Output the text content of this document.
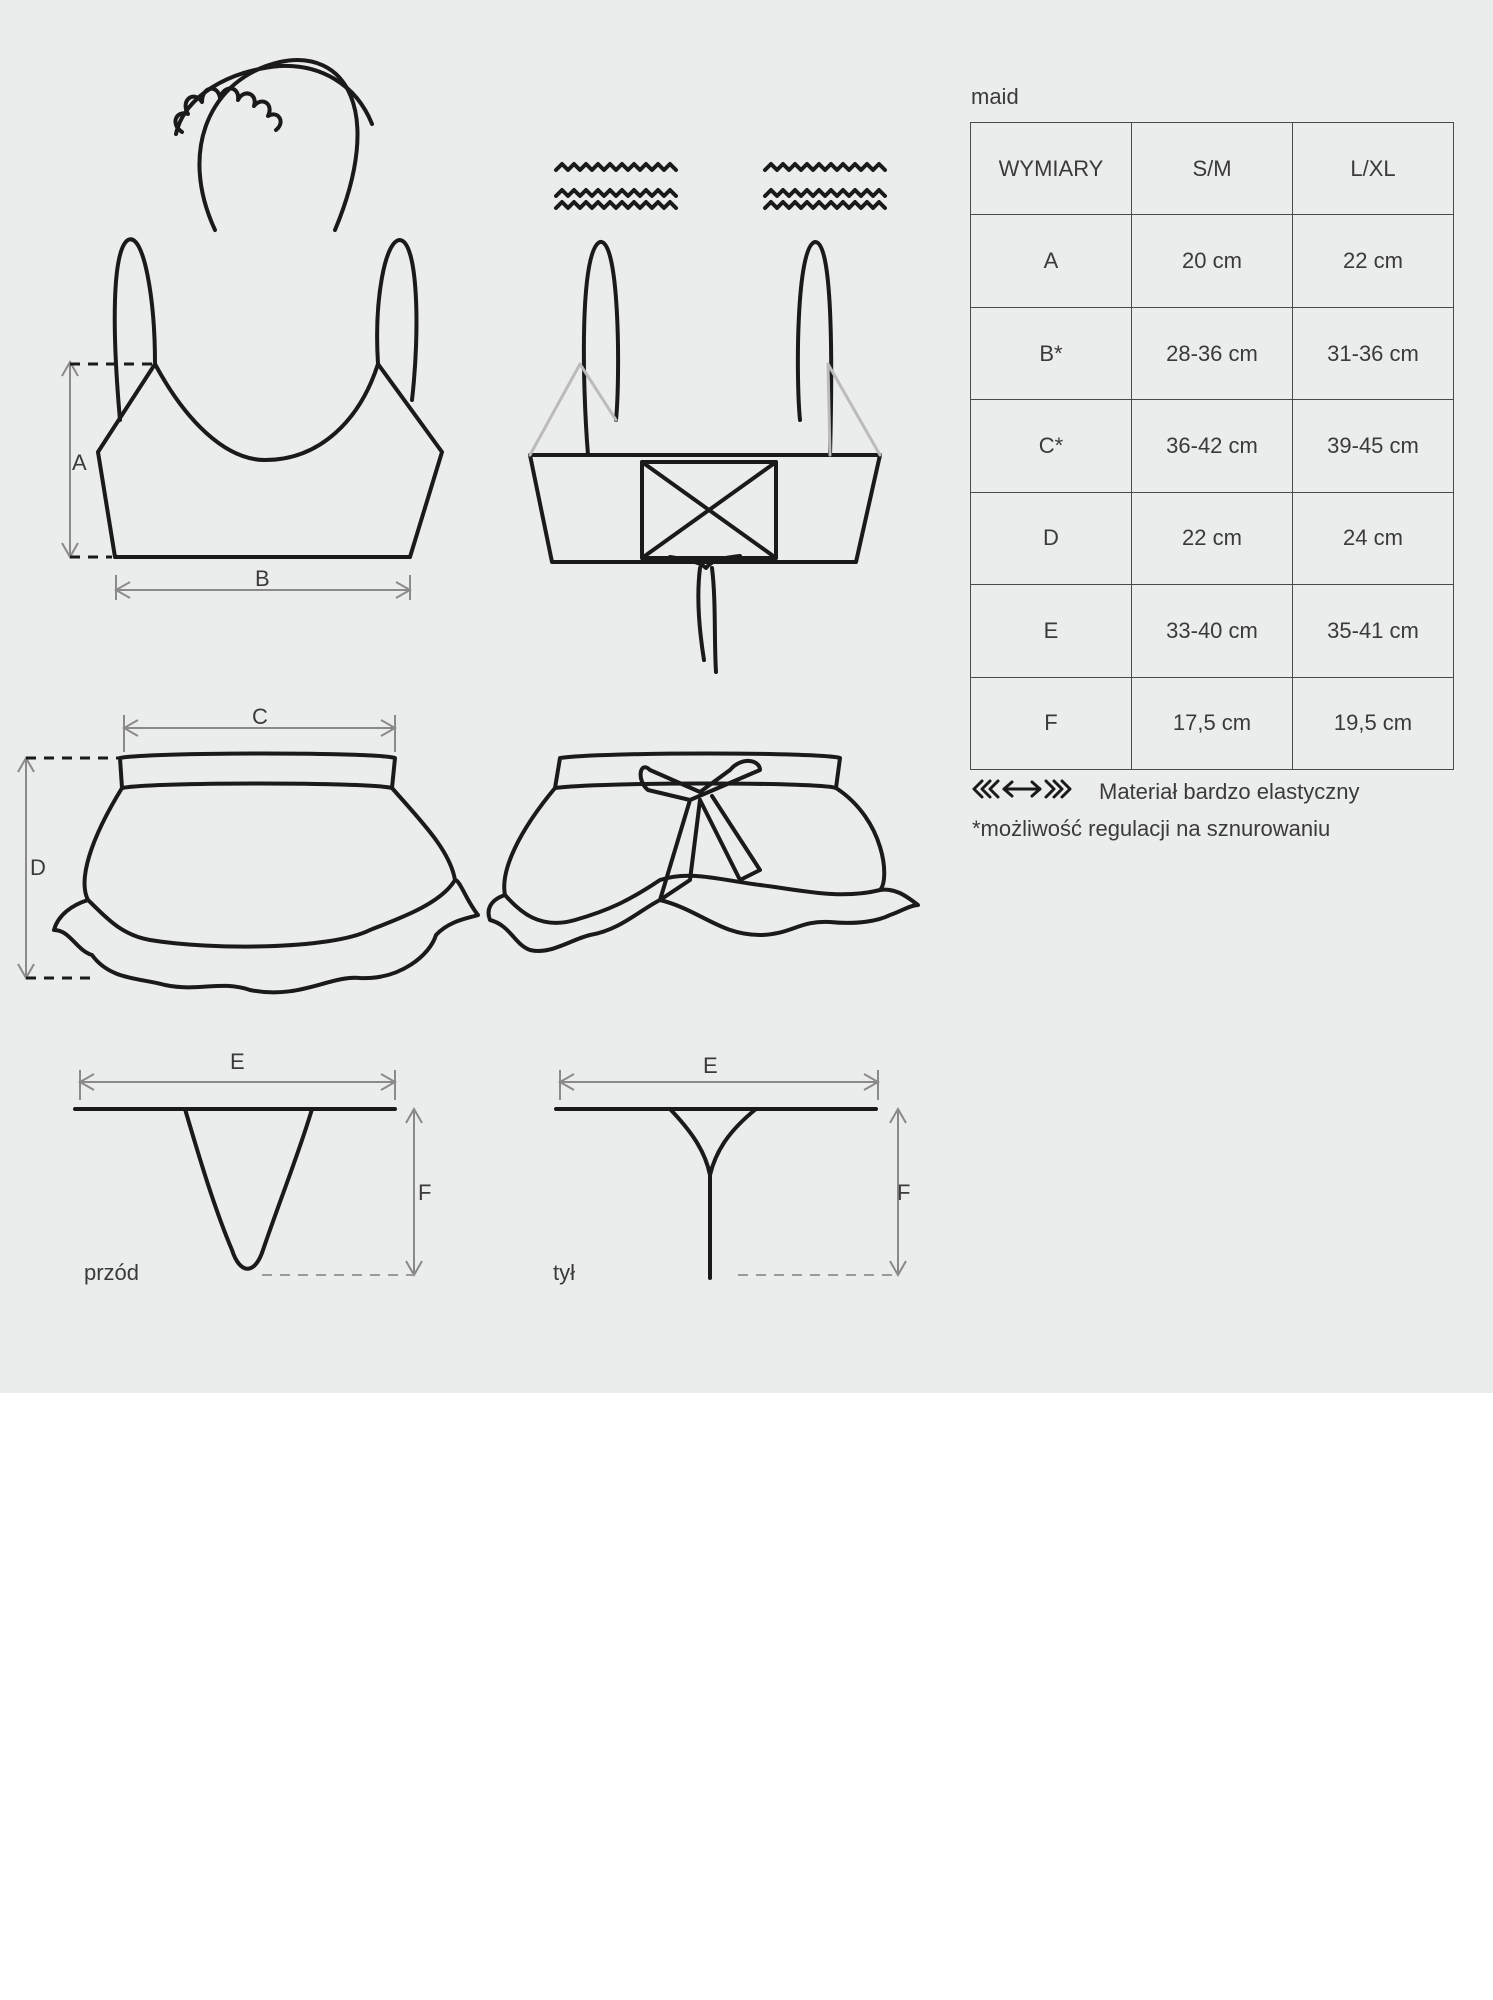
A
B
C
D
E	E
F	F
przód	tył
maid
WYMIARY	S/M	L/XL
A	20 cm	22 cm
B*	28-36 cm	31-36 cm
C*	36-42 cm	39-45 cm
D	22 cm	24 cm
E	33-40 cm	35-41 cm
F	17,5 cm	19,5 cm
Materiał bardzo elastyczny
*możliwość regulacji na sznurowaniu
